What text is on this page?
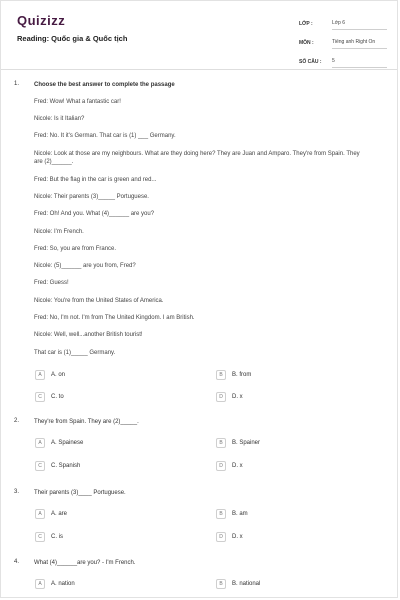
Quizizz
Reading: Quốc gia & Quốc tịch
LỚP :	Lớp 6
MÔN :	Tiếng anh Right On
SỐ CÂU :	5
1. Choose the best answer to complete the passage
Fred: Wow! What a fantastic car!
Nicole: Is it Italian?
Fred: No. It it's German. That car is (1) ___ Germany.
Nicole: Look at those are my neighbours. What are they doing here? They are Juan and Amparo. They're from Spain. They are (2)______.
Fred: But the flag in the car is green and red...
Nicole: Their parents (3)_____ Portuguese.
Fred: Oh! And you. What (4)______ are you?
Nicole: I'm French.
Fred: So, you are from France.
Nicole: (5)______ are you from, Fred?
Fred: Guess!
Nicole: You're from the United States of America.
Fred: No, I'm not. I'm from The United Kingdom. I am British.
Nicole: Well, well...another British tourist!
That car is (1)_____ Germany.
A	A. on	B	B. from
C	C. to	D	D. x
2. They're from Spain. They are (2)_____.
A	A. Spainese	B	B. Spainer
C	C. Spanish	D	D. x
3. Their parents (3)____ Portuguese.
A	A. are	B	B. am
C	C. is	D	D. x
4. What (4)______are you? - I'm French.
A	A. nation	B	B. national
